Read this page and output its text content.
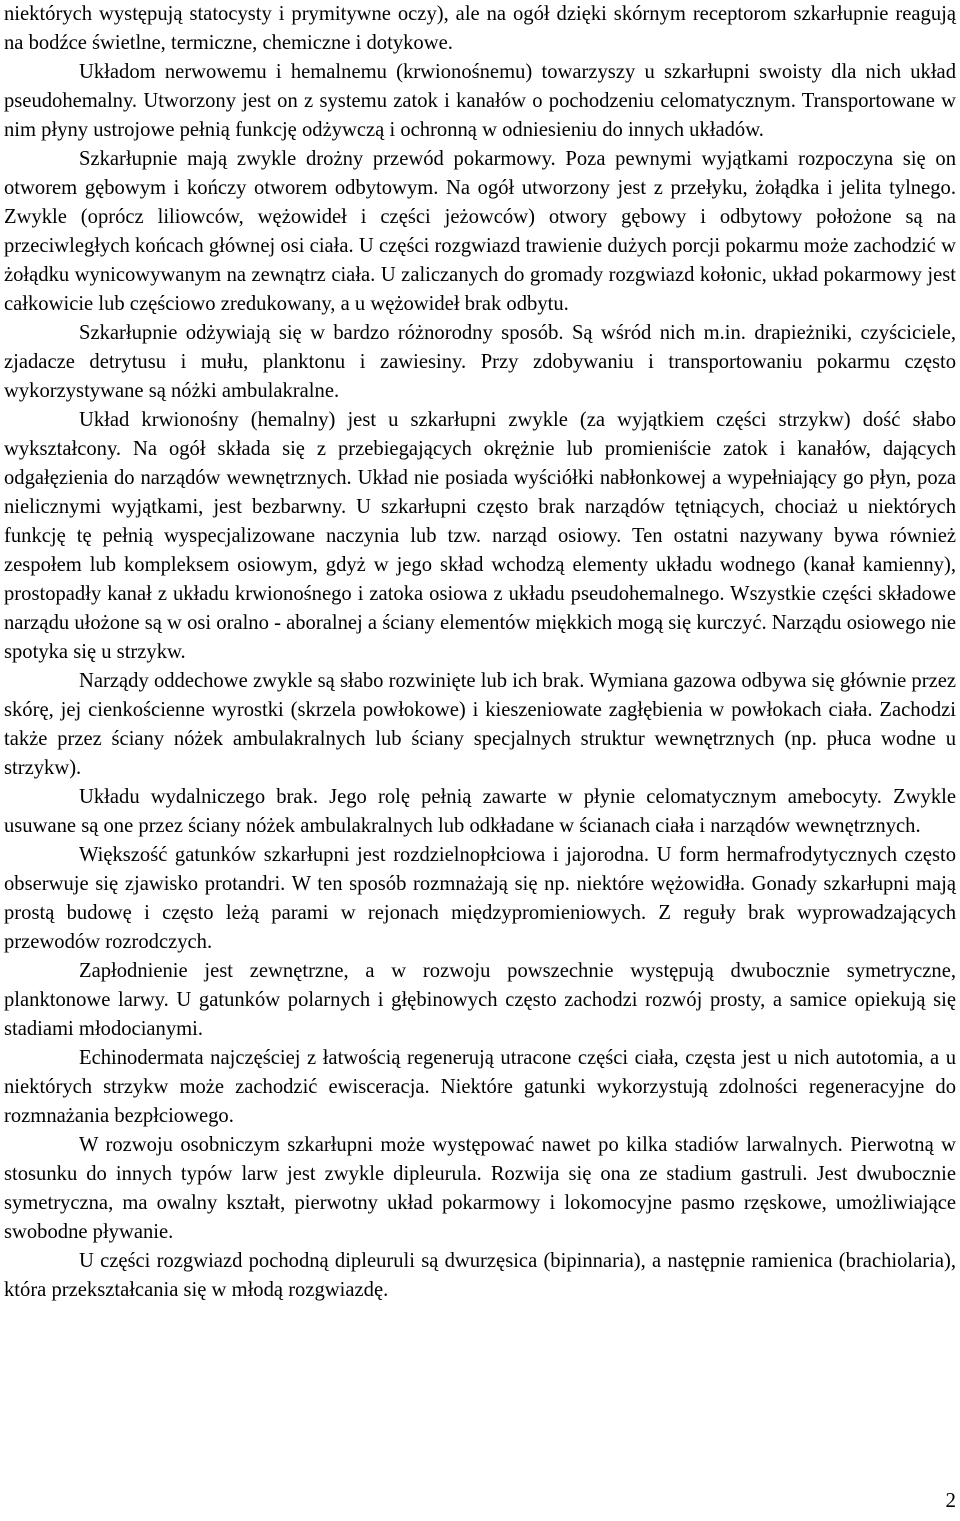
niektórych występują statocysty i prymitywne oczy), ale na ogół dzięki skórnym receptorom szkarłupnie reagują na bodźce świetlne, termiczne, chemiczne i dotykowe.

Układom nerwowemu i hemalnemu (krwionośnemu) towarzyszy u szkarłupni swoisty dla nich układ pseudohemalny. Utworzony jest on z systemu zatok i kanałów o pochodzeniu celomatycznym. Transportowane w nim płyny ustrojowe pełnią funkcję odżywczą i ochronną w odniesieniu do innych układów.

Szkarłupnie mają zwykle drożny przewód pokarmowy. Poza pewnymi wyjątkami rozpoczyna się on otworem gębowym i kończy otworem odbytowym. Na ogół utworzony jest z przełyku, żołądka i jelita tylnego. Zwykle (oprócz liliowców, wężowideł i części jeżowców) otwory gębowy i odbytowy położone są na przeciwległych końcach głównej osi ciała. U części rozgwiazd trawienie dużych porcji pokarmu może zachodzić w żołądku wynicowywanym na zewnątrz ciała. U zaliczanych do gromady rozgwiazd kołonic, układ pokarmowy jest całkowicie lub częściowo zredukowany, a u wężowideł brak odbytu.

Szkarłupnie odżywiają się w bardzo różnorodny sposób. Są wśród nich m.in. drapieżniki, czyściciele, zjadacze detrytusu i mułu, planktonu i zawiesiny. Przy zdobywaniu i transportowaniu pokarmu często wykorzystywane są nóżki ambulakralne.

Układ krwionośny (hemalny) jest u szkarłupni zwykle (za wyjątkiem części strzykw) dość słabo wykształcony. Na ogół składa się z przebiegających okrężnie lub promieniście zatok i kanałów, dających odgałęzienia do narządów wewnętrznych. Układ nie posiada wyściółki nabłonkowej a wypełniający go płyn, poza nielicznymi wyjątkami, jest bezbarwny. U szkarłupni często brak narządów tętniących, chociaż u niektórych funkcję tę pełnią wyspecjalizowane naczynia lub tzw. narząd osiowy. Ten ostatni nazywany bywa również zespołem lub kompleksem osiowym, gdyż w jego skład wchodzą elementy układu wodnego (kanał kamienny), prostopadły kanał z układu krwionośnego i zatoka osiowa z układu pseudohemalnego. Wszystkie części składowe narządu ułożone są w osi oralno - aboralnej a ściany elementów miękkich mogą się kurczyć. Narządu osiowego nie spotyka się u strzykw.

Narządy oddechowe zwykle są słabo rozwinięte lub ich brak. Wymiana gazowa odbywa się głównie przez skórę, jej cienkościenne wyrostki (skrzela powłokowe) i kieszeniowate zagłębienia w powłokach ciała. Zachodzi także przez ściany nóżek ambulakralnych lub ściany specjalnych struktur wewnętrznych (np. płuca wodne u strzykw).

Układu wydalniczego brak. Jego rolę pełnią zawarte w płynie celomatycznym amebocyty. Zwykle usuwane są one przez ściany nóżek ambulakralnych lub odkładane w ścianach ciała i narządów wewnętrznych.

Większość gatunków szkarłupni jest rozdzielnopłciowa i jajorodna. U form hermafrodytycznych często obserwuje się zjawisko protandri. W ten sposób rozmnażają się np. niektóre wężowidła. Gonady szkarłupni mają prostą budowę i często leżą parami w rejonach międzypromieniowych. Z reguły brak wyprowadzających przewodów rozrodczych.

Zapłodnienie jest zewnętrzne, a w rozwoju powszechnie występują dwubocznie symetryczne, planktonowe larwy. U gatunków polarnych i głębinowych często zachodzi rozwój prosty, a samice opiekują się stadiami młodocianymi.

Echinodermata najczęściej z łatwością regenerują utracone części ciała, częsta jest u nich autotomia, a u niektórych strzykw może zachodzić ewisceracja. Niektóre gatunki wykorzystują zdolności regeneracyjne do rozmnażania bezpłciowego.

W rozwoju osobniczym szkarłupni może występować nawet po kilka stadiów larwalnych. Pierwotną w stosunku do innych typów larw jest zwykle dipleurula. Rozwija się ona ze stadium gastruli. Jest dwubocznie symetryczna, ma owalny kształt, pierwotny układ pokarmowy i lokomocyjne pasmo rzęskowe, umożliwiające swobodne pływanie.

U części rozgwiazd pochodną dipleuruli są dwurzęsica (bipinnaria), a następnie ramienica (brachiolaria), która przekształcania się w młodą rozgwiazdę.

2
